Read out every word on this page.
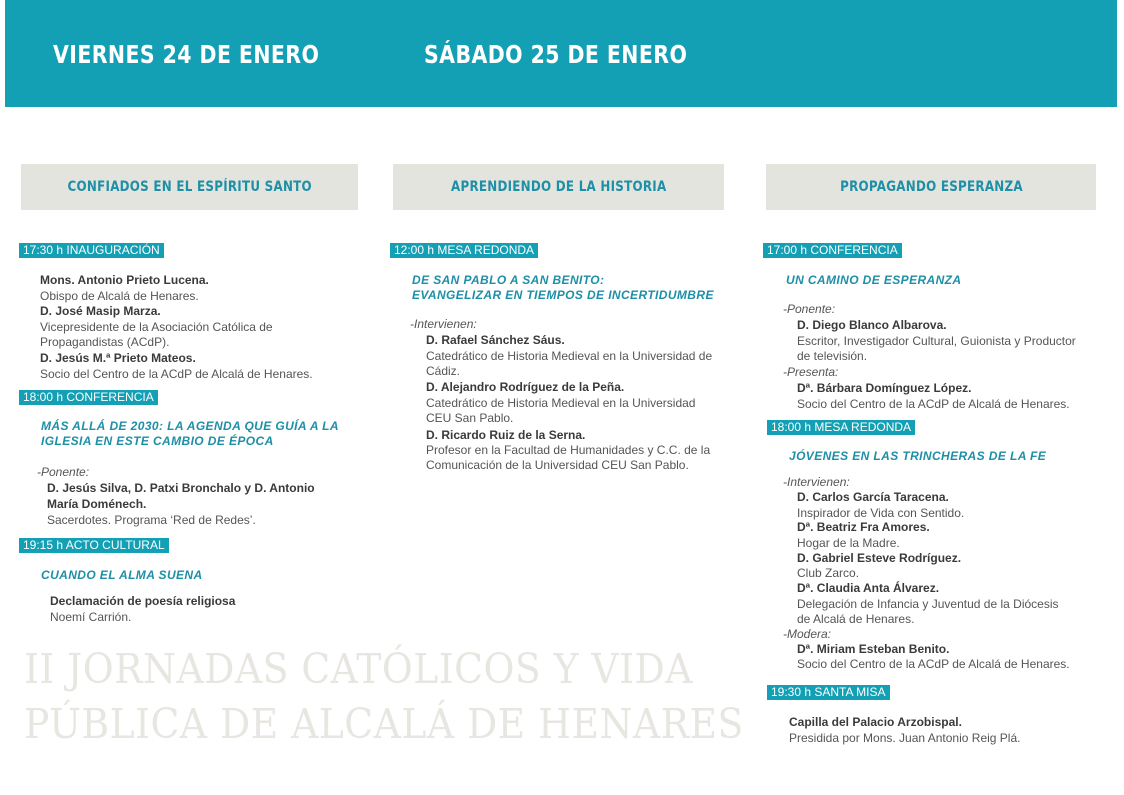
VIERNES 24 DE ENERO	SÁBADO 25 DE ENERO
CONFIADOS EN EL ESPÍRITU SANTO	APRENDIENDO DE LA HISTORIA	PROPAGANDO ESPERANZA
17:30 h INAUGURACIÓN
Mons. Antonio Prieto Lucena.
Obispo de Alcalá de Henares.
D. José Masip Marza.
Vicepresidente de la Asociación Católica de
Propagandistas (ACdP).
D. Jesús M.ª Prieto Mateos.
Socio del Centro de la ACdP de Alcalá de Henares.
18:00 h CONFERENCIA
MÁS ALLÁ DE 2030: LA AGENDA QUE GUÍA A LA
IGLESIA EN ESTE CAMBIO DE ÉPOCA
-Ponente:
D. Jesús Silva, D. Patxi Bronchalo y D. Antonio
María Doménech.
Sacerdotes. Programa ‘Red de Redes’.
19:15 h ACTO CULTURAL
CUANDO EL ALMA SUENA
Declamación de poesía religiosa
Noemí Carrión.
12:00 h MESA REDONDA
DE SAN PABLO A SAN BENITO:
EVANGELIZAR EN TIEMPOS DE INCERTIDUMBRE
-Intervienen:
D. Rafael Sánchez Sáus.
Catedrático de Historia Medieval en la Universidad de
Cádiz.
D. Alejandro Rodríguez de la Peña.
Catedrático de Historia Medieval en la Universidad
CEU San Pablo.
D. Ricardo Ruiz de la Serna.
Profesor en la Facultad de Humanidades y C.C. de la
Comunicación de la Universidad CEU San Pablo.
17:00 h CONFERENCIA
UN CAMINO DE ESPERANZA
-Ponente:
D. Diego Blanco Albarova.
Escritor, Investigador Cultural, Guionista y Productor
de televisión.
-Presenta:
Dª. Bárbara Domínguez López.
Socio del Centro de la ACdP de Alcalá de Henares.
18:00 h MESA REDONDA
JÓVENES EN LAS TRINCHERAS DE LA FE
-Intervienen:
D. Carlos García Taracena.
Inspirador de Vida con Sentido.
Dª. Beatriz Fra Amores.
Hogar de la Madre.
D. Gabriel Esteve Rodríguez.
Club Zarco.
Dª. Claudia Anta Álvarez.
Delegación de Infancia y Juventud de la Diócesis
de Alcalá de Henares.
-Modera:
Dª. Miriam Esteban Benito.
Socio del Centro de la ACdP de Alcalá de Henares.
19:30 h SANTA MISA
Capilla del Palacio Arzobispal.
Presidida por Mons. Juan Antonio Reig Plá.
II JORNADAS CATÓLICOS Y VIDA
PÚBLICA DE ALCALÁ DE HENARES
